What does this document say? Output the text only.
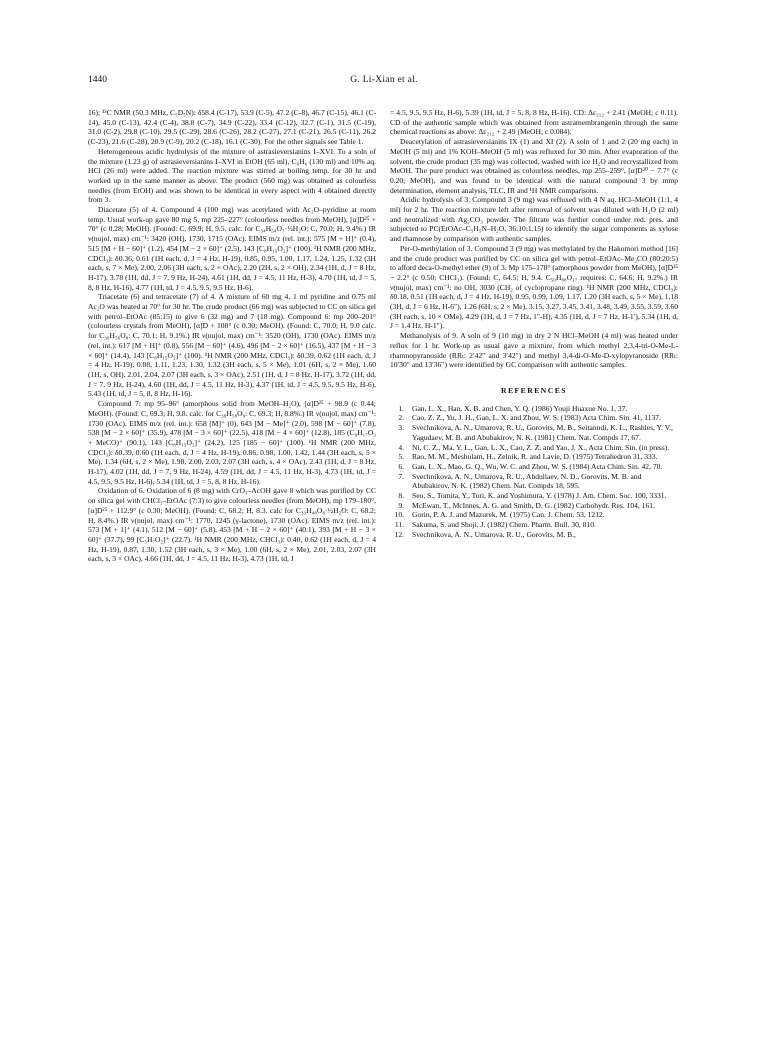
1440	G. Li-Xian et al.

16); ¹³C NMR (50.3 MHz, C₅D₅N): δ58.4 (C-17), 53.9 (C-5), 47.2 (C-8), 46.7 (C-15), 46.1 (C-14), 45.0 (C-13), 42.4 (C-4), 38.8 (C-7), 34.9 (C-22), 33.4 (C-12), 32.7 (C-1), 31.5 (C-19), 31.0 (C-2), 29.8 (C-10), 29.5 (C-29), 28.6 (C-26), 28.2 (C-27), 27.1 (C-21), 26.5 (C-11), 26.2 (C-23), 21.6 (C-28), 20.9 (C-9), 20.2 (C-18), 16.1 (C-30). For the other signals see Table 1.

Heterogeneous acidic hydrolysis of the mixture of astrasieversianins I–XVI. To a soln of the mixture (1.23 g) of astrasieversianins I–XVI in EtOH (65 ml), C₆H₆ (130 ml) and 10% aq. HCl (26 ml) were added. The reaction mixture was stirred at boiling temp. for 30 hr and worked up in the same manner as above. The product (560 mg) was obtained as colourless needles (from EtOH) and was shown to be identical in every aspect with 4 obtained directly from 3.

Diacetate (5) of 4. Compound 4 (100 mg) was acetylated with Ac₂O–pyridine at room temp. Usual work-up gave 80 mg 5, mp 225–227° (colourless needles from MeOH), [α]D²⁵ + 70° (c 0.28; MeOH). (Found: C, 69.9; H, 9.5. calc. for C₃₄H₅₄O₇·½H₂O: C, 70.0; H, 9.4%.) IR ν(nujol, max) cm⁻¹: 3420 (OH), 1730, 1715 (OAc). EIMS m/z (rel. int.): 575 [M + H]⁺ (0.4), 515 [M + H − 60]⁺ (1.2), 454 [M − 2 × 60]⁺ (2.5), 143 [C₈H₁₅O₂]⁺ (100). ¹H NMR (200 MHz, CDCl₃): δ0.36, 0.61 (1H each, d, J = 4 Hz, H-19), 0.85, 0.95, 1.00, 1.17, 1.24, 1.25, 1.32 (3H each, s, 7 × Me), 2.00, 2.06 (3H each, s, 2 × OAc), 2.20 (2H, s, 2 × OH), 2.34 (1H, d, J = 8 Hz, H-17), 3.78 (1H, dd, J = 7, 9 Hz, H-24), 4.61 (1H, dd, J = 4.5, 11 Hz, H-3), 4.70 (1H, td, J = 5, 8, 8 Hz, H-16), 4.77 (1H, td, J = 4.5, 9.5, 9.5 Hz, H-6).

Triacetate (6) and tetracetate (7) of 4. A mixture of 60 mg 4, 1 ml pyridine and 0.75 ml Ac₂O was heated at 70° for 30 hr. The crude product (66 mg) was subjected to CC on silica gel with petrol–EtOAc (85:15) to give 6 (32 mg) and 7 (18 mg). Compound 6: mp 200–201° (colourless crystals from MeOH), [α]D + 108° (c 0.30; MeOH). (Found: C, 70.0; H, 9.0 calc. for C₃₆H₅₆O₈: C, 70.1; H, 9.1%.) IR ν(nujol, max) cm⁻¹: 3520 (OH), 1730 (OAc). EIMS m/z (rel. int.): 617 [M + H]⁺ (0.8), 556 [M − 60]⁺ (4.6), 496 [M − 2 × 60]⁺ (16.5), 437 [M + H − 3 × 60]⁺ (14.4), 143 [C₈H₁₅O₂]⁺ (100). ¹H NMR (200 MHz, CDCl₃): δ0.39, 0.62 (1H each, d, J = 4 Hz, H-19), 0.88, 1.11, 1.23, 1.30, 1.32 (3H each, s, 5 × Me), 1.01 (6H, s, 2 × Me), 1.60 (1H, s, OH), 2.01, 2.04, 2.07 (3H each, s, 3 × OAc), 2.51 (1H, d, J = 8 Hz, H-17), 3.72 (1H, dd, J = 7, 9 Hz, H-24), 4.60 (1H, dd, J = 4.5, 11 Hz, H-3), 4.37 (1H, td, J = 4.5, 9.5, 9.5 Hz, H-6), 5.43 (1H, td, J = 5, 8, 8 Hz, H-16).

Compound 7: mp 95–96° (amorphous solid from MeOH–H₂O), [α]D²⁵ + 98.9 (c 0.44; MeOH). (Found: C, 69.3; H, 9.8. calc. for C₃₈H₅₈O₉: C, 69.3; H, 8.8%.) IR ν(nujol, max) cm⁻¹: 1730 (OAc). EIMS m/z (rel. int.): 658 [M]⁺ (0), 643 [M − Me]⁺ (2.0), 598 [M − 60]⁺ (7.8), 538 [M − 2 × 60]⁺ (35.9), 478 [M − 3 × 60]⁺ (22.5), 418 [M − 4 × 60]⁺ (12.8), 185 (C₉H₁₇O₃ + MeCO)⁺ (90.1), 143 [C₈H₁₅O₂]⁺ (24.2), 125 [185 − 60]⁺ (100). ¹H NMR (200 MHz, CDCl₃): δ0.39, 0.60 (1H each, d, J = 4 Hz, H-19), 0.86, 0.98, 1.00, 1.42, 1.44 (3H each, s, 5 × Me), 1.34 (6H, s, 2 × Me), 1.98, 2.00, 2.03, 2.07 (3H each, s, 4 × OAc), 2.43 (1H, d, J = 8 Hz, H-17), 4.02 (1H, dd, J = 7, 9 Hz, H-24), 4.59 (1H, dd, J = 4.5, 11 Hz, H-3), 4.73 (1H, td, J = 4.5, 9.5, 9.5 Hz, H-6), 5.34 (1H, td, J = 5, 8, 8 Hz, H-16).

Oxidation of 6. Oxidation of 6 (8 mg) with CrO₃–AcOH gave 8 which was purified by CC on silica gel with CHCl₃–EtOAc (7:3) to give colourless needles (from MeOH), mp 179–180°, [α]D²⁵ + 112.9° (c 0.30; MeOH). (Found: C, 68.2; H, 8.3. calc for C₃₃H₄₈O₈·½H₂O: C, 68.2; H, 8.4%.) IR ν(nujol, max) cm⁻¹: 1770, 1245 (γ-lactone), 1730 (OAc). EIMS m/z (rel. int.): 573 [M + 1]⁺ (4.1), 512 [M − 60]⁺ (5.8), 453 [M + H − 2 × 60]⁺ (40.1), 393 [M + H − 3 × 60]⁺ (37.7), 99 [C₅H₇O₂]⁺ (22.7). ¹H NMR (200 MHz, CHCl₃): 0.40, 0.62 (1H each, d, J = 4 Hz, H-19), 0.87, 1.30, 1.52 (3H each, s, 3 × Me), 1.00 (6H, s, 2 × Me), 2.01, 2.03, 2.07 (3H each, s, 3 × OAc), 4.66 (1H, dd, J = 4.5, 11 Hz, H-3), 4.73 (1H, td, J

= 4.5, 9.5, 9.5 Hz, H-6), 5.39 (1H, td, J = 5, 8, 8 Hz, H-16). CD: Δε₂₁₂ + 2.41 (MeOH; c 0.11). CD of the authentic sample which was obtained from astramembrangenin through the same chemical reactions as above: Δε₂₁₂ + 2.49 (MeOH; c 0.084).

Deacetylation of astrasieversianins IX (1) and XI (2). A soln of 1 and 2 (20 mg each) in MeOH (5 ml) and 1% KOH–MeOH (5 ml) was refluxed for 30 min. After evaporation of the solvent, the crude product (35 mg) was collected, washed with ice H₂O and recrystallized from MeOH. The pure product was obtained as colourless needles, mp 255–259°, [α]D²⁰ − 7.7° (c 0.20; MeOH), and was found to be identical with the natural compound 3 by mmp determination, element analysis, TLC, IR and ¹H NMR comparisons.

Acidic hydrolysis of 3. Compound 3 (9 mg) was refluxed with 4 N aq. HCl–MeOH (1:1, 4 ml) for 2 hr. The reaction mixture left after removal of solvent was diluted with H₂O (2 ml) and neutralized with Ag₂CO₃ powder. The filtrate was further concd under red. pres. and subjected to PC(EtOAc–C₅H₅N–H₂O, 36:10:1.15) to identify the sugar components as xylose and rhamnose by comparison with authentic samples.

Per-O-methylation of 3. Compound 3 (9 mg) was methylated by the Hakomori method [16] and the crude product was purified by CC on silica gel with petrol–EtOAc–Me₂CO (80:20:5) to afford deca-O-methyl ether (9) of 3. Mp 175–178° (amorphous powder from MeOH), [α]D²⁵ − 2.2° (c 0.50; CHCl₃). (Found: C, 64.5; H, 9.4. C₅₀H₈₈O₁₇ requires: C, 64.6; H, 9.2%.) IR ν(nujol, max) cm⁻¹: no OH, 3030 (CH₂ of cyclopropane ring). ¹H NMR (200 MHz, CDCl₃): δ0.18, 0.51 (1H each, d, J = 4 Hz, H-19), 0.95, 0.99, 1.09, 1.17, 1.20 (3H each, s, 5 × Me), 1.18 (3H, d, J = 6 Hz, H-6″), 1.26 (6H, s, 2 × Me), 3.15, 3.27, 3.45, 3.41, 3.48, 3.49, 3.55, 3.59, 3.60 (3H each, s, 10 × OMe), 4.29 (1H, d, J = 7 Hz, 1″-H), 4.35 (1H, d, J = 7 Hz, H-1′), 5.34 (1H, d, J = 1.4 Hz, H-1″).

Methanolysis of 9. A soln of 9 (10 mg) in dry 2 N HCl–MeOH (4 ml) was heated under reflux for 1 hr. Work-up as usual gave a mixture, from which methyl 2,3,4-tri-O-Me-L-rhamnopyranoside (RRₜ: 2′42″ and 3′42″) and methyl 3,4-di-O-Me-D-xylopyranoside (RRₜ: 10′30″ and 13′36″) were identified by GC comparison with authentic samples.

REFERENCES
1. Gan, L. X., Han, X. B. and Chen, Y. Q. (1986) Youji Huaxue No. 1, 37.
2. Cao, Z. Z., Yu, J. H., Gan, L. X. and Zhou, W. S. (1983) Acta Chim. Sin. 41, 1137.
3. Svechnikova, A. N., Umarova, R. U., Gorovits, M. B., Seitanndi, K. L., Rashles, Y. V., Yagudaev, M. B. and Abubakirov, N. K. (1981) Chem. Nat. Compds 17, 67.
4. Ni, C. Z., Ma, Y. L., Gan, L. X., Cao, Z. Z. and Yao, J. X., Acta Chim. Sin. (in press).
5. Rao, M. M., Meshulam, H., Zelnik, R. and Lavie, D. (1975) Tetrahedron 31, 333.
6. Gan, L. X., Mao, G. Q., Wu, W. C. and Zhou, W. S. (1984) Acta Chim. Sin. 42, 70.
7. Svechnikova, A. N., Umarova, R. U., Abdullaev, N. D., Gorovits, M. B. and Abubakirov, N. K. (1982) Chem. Nat. Compds 18, 595.
8. Seo, S., Tomita, Y., Tori, K. and Yoshimura, Y. (1978) J. Am. Chem. Soc. 100, 3331.
9. McEwan, T., McInnes, A. G. and Smith, D. G. (1982) Carbohydr. Res. 104, 161.
10. Gorin, P. A. J. and Mazurek, M. (1975) Can. J. Chem. 53, 1212.
11. Sakuma, S. and Shoji, J. (1982) Chem. Pharm. Bull. 30, 810.
12. Svechnikova, A. N., Umarova, R. U., Gorovits, M. B.,
